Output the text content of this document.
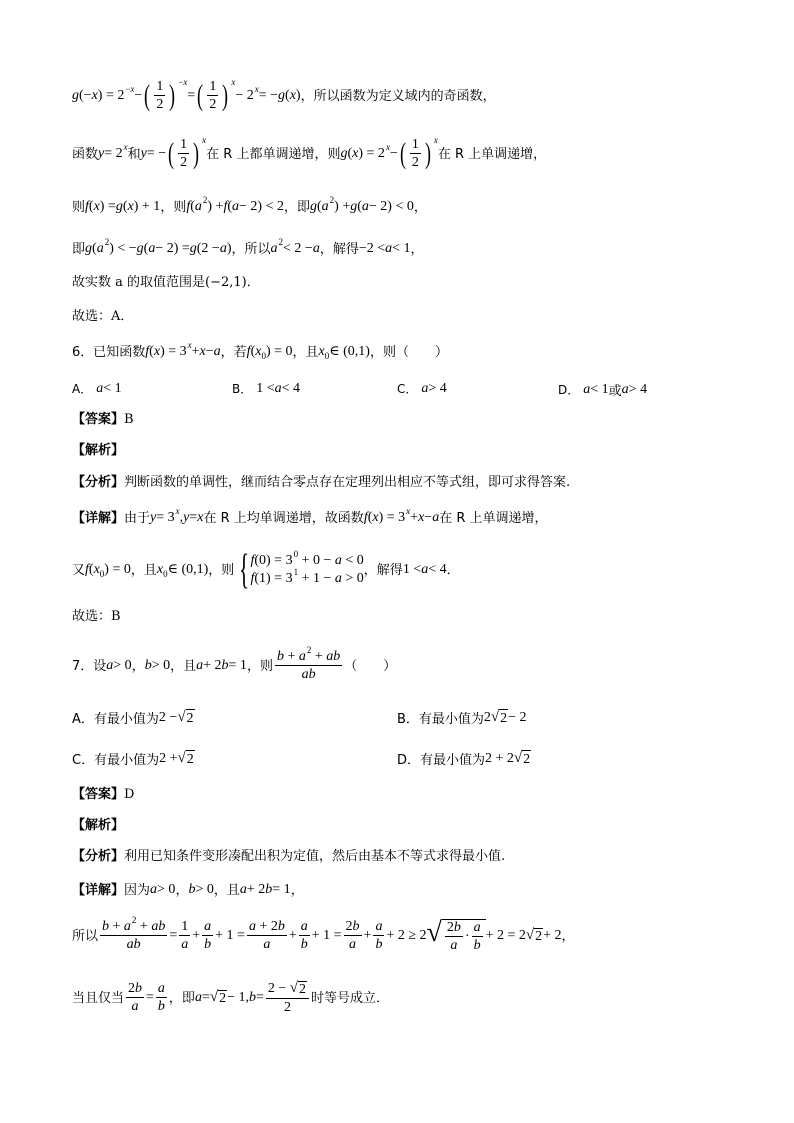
g (− x ) = 2 −x − ( $\frac{1}{2}$ ) −x
= ( $\frac{1}{2}$ ) x
− 2 x = − g ( x ) ，所以函数为定义域内的奇函数，
函数 y = 2 x 和 y = − ( $\frac{1}{2}$ ) x
在 R 上都单调递增，则 g ( x ) = 2 x − ( $\frac{1}{2}$ ) x
在 R 上单调递增，
则 f ( x ) = g ( x ) + 1 ，则 f ( a 2 ) + f ( a − 2) < 2 ，即 g ( a 2 ) + g ( a − 2) < 0 ，
即 g ( a 2 ) < − g ( a − 2) = g (2 − a ) ，所以 a 2 < 2 − a ，解得 −2 < a < 1 ，
故实数 a 的取值范围是(−2,1)．
故选：A．
6．已知函数 f ( x ) = 3 x + x − a ，若 f ( x 0 ) = 0 ，且 x 0 ∈ (0,1) ，则（　　）
A． a < 1	B． 1 < a < 4	C． a > 4	D． a < 1 或 a > 4
【答案】 B
【解析】
【分析】 判断函数的单调性，继而结合零点存在定理列出相应不等式组，即可求得答案.
【详解】 由于 y = 3 x , y = x 在 R 上均单调递增，故函数 f ( x ) = 3 x + x − a 在 R 上单调递增，
又 f ( x 0 ) = 0 ，且 x 0 ∈ (0,1) ，则 { $f(0) = 3^0 + 0 - a < 0$
$f(1) = 3^1 + 1 - a > 0$
，解得 1 < a < 4 ．
故选：B
7．设 a > 0 ， b > 0 ，且 a + 2 b = 1 ，则 $\frac{b + a^2 + ab}{ab}$ （　　）
A．有最小值为 2 − √ 2	B．有最小值为 2 √ 2 − 2
C．有最小值为 2 + √ 2	D．有最小值为 2 + 2 √ 2
【答案】 D
【解析】
【分析】 利用已知条件变形凑配出积为定值，然后由基本不等式求得最小值.
【详解】 因为 a > 0 ， b > 0 ，且 a + 2 b = 1 ，
所以 $\frac{b + a^2 + ab}{ab} = \frac{1}{a} + \frac{a}{b} + 1 = \frac{a + 2b}{a} + \frac{a}{b} + 1 = \frac{2b}{a} + \frac{a}{b} + 2 \ge 2$ √ $\frac{2b}{a} \cdot \frac{a}{b} + 2 = 2$ √ 2 + 2 ，
当且仅当 $\frac{2b}{a} = \frac{a}{b}$ ，即 a = √ 2 − 1, $b = \frac{2 - √ 2}{2}$ 时等号成立．
